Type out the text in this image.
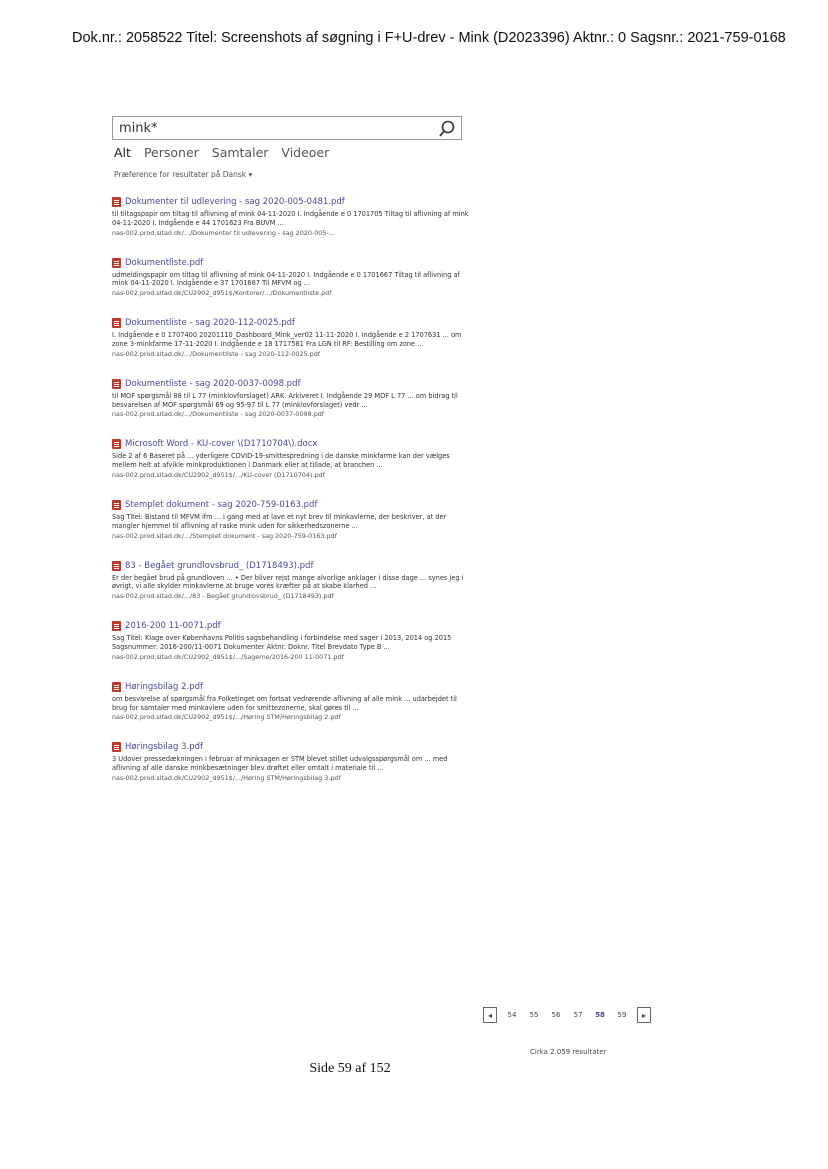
Dok.nr.: 2058522 Titel: Screenshots af søgning i F+U-drev - Mink (D2023396) Aktnr.: 0 Sagsnr.: 2021-759-0168
mink*
Alt Personer Samtaler Videoer
Præference for resultater på Dansk ▾
Dokumenter til udlevering - sag 2020-005-0481.pdf
til tiltagspapir om tiltag til aflivning af mink 04-11-2020 I. Indgående e 0 1701705 Tiltag til aflivning af mink 04-11-2020 I. Indgående e 44 1701623 Fra BUVM ...
nas-002.prod.sitad.dk/.../Dokumenter til udlevering - sag 2020-005-...
Dokumentliste.pdf
udmeldingspapir om tiltag til aflivning af mink 04-11-2020 I. Indgående e 0 1701667 Tiltag til aflivning af mink 04-11-2020 I. Indgående e 37 1701687 Til MFVM og ...
nas-002.prod.sitad.dk/CU2902_d951$/Kontorer/.../Dokumentliste.pdf
Dokumentliste - sag 2020-112-0025.pdf
I. Indgående e 0 1707400 20201110_Dashboard_Mink_ver02 11-11-2020 I. Indgående e 2 1707631 ... om zone 3-minkfarme 17-11-2020 I. Indgående e 18 1717581 Fra LGN til RF: Bestilling om zone ...
nas-002.prod.sitad.dk/.../Dokumentliste - sag 2020-112-0025.pdf
Dokumentliste - sag 2020-0037-0098.pdf
til MOF spørgsmål 88 til L 77 (minklovforslaget) ARK. Arkiveret I. Indgående 29 MOF L 77 ... om bidrag til besvarelsen af MOF spørgsmål 69 og 95-97 til L 77 (minklovforslaget) vedr ...
nas-002.prod.sitad.dk/.../Dokumentliste - sag 2020-0037-0098.pdf
Microsoft Word - KU-cover \(D1710704\).docx
Side 2 af 6 Baseret på ... yderligere COVID-19-smittespredning i de danske minkfarme kan der vælges mellem helt at afvikle minkproduktionen i Danmark eller at tillade, at branchen ...
nas-002.prod.sitad.dk/CU2902_d951$/.../KU-cover (D1710704).pdf
Stemplet dokument - sag 2020-759-0163.pdf
Sag Titel: Bistand til MFVM ifm ... i gang med at lave et nyt brev til minkavlerne, der beskriver, at der mangler hjemmel til aflivning af raske mink uden for sikkerhedszonerne ...
nas-002.prod.sitad.dk/.../Stemplet dokument - sag 2020-759-0163.pdf
83 - Begået grundlovsbrud_ (D1718493).pdf
Er der begået brud på grundloven ... • Der bliver rejst mange alvorlige anklager i disse dage ... synes jeg i øvrigt, vi alle skylder minkavlerne at bruge vores kræfter på at skabe klarhed ...
nas-002.prod.sitad.dk/.../83 - Begået grundlovsbrud_ (D1718493).pdf
2016-200 11-0071.pdf
Sag Titel: Klage over Københavns Politis sagsbehandling i forbindelse med sager i 2013, 2014 og 2015 Sagsnummer: 2016-200/11-0071 Dokumenter Aktnr. Doknr. Titel Brevdato Type B ...
nas-002.prod.sitad.dk/CU2902_d951$/.../Sagerne/2016-200 11-0071.pdf
Høringsbilag 2.pdf
om besvarelse af spørgsmål fra Folketinget om fortsat vedrørende aflivning af alle mink ... udarbejdet til brug for samtaler med minkavlere uden for smittezonerne, skal gøres til ...
nas-002.prod.sitad.dk/CU2902_d951$/.../Høring STM/Høringsbilag 2.pdf
Høringsbilag 3.pdf
3 Udover pressedækningen i februar af minksagen er STM blevet stillet udvalgsspørgsmål om ... med aflivning af alle danske minkbesætninger blev drøftet eller omtalt i materiale til ...
nas-002.prod.sitad.dk/CU2902_d951$/.../Høring STM/Høringsbilag 3.pdf
◂	54	55	56	57	58	59	▸
Cirka 2.059 resultater
Side 59 af 152
